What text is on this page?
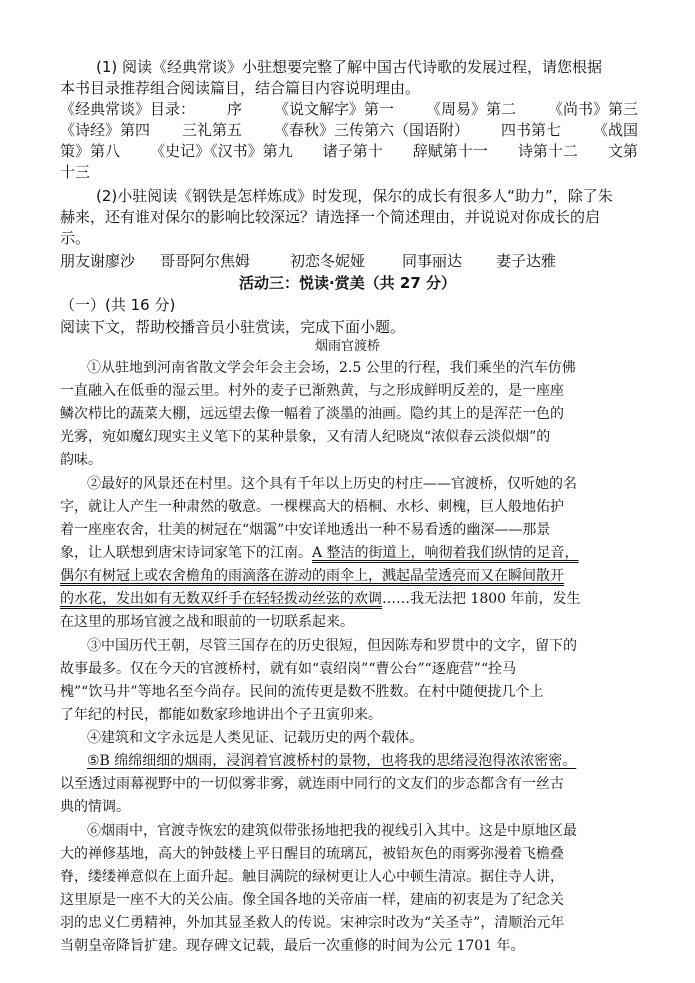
(1) 阅读《经典常谈》小驻想要完整了解中国古代诗歌的发展过程，请您根据
本书目录推荐组合阅读篇目，结合篇目内容说明理由。
《经典常谈》目录： 序 《说文解字》第一 《周易》第二 《尚书》第三
《诗经》第四 三礼第五 《春秋》三传第六（国语附） 四书第七 《战国
策》第八 《史记》《汉书》第九 诸子第十 辞赋第十一 诗第十二 文第
十三
(2)小驻阅读《钢铁是怎样炼成》时发现，保尔的成长有很多人“助力”，除了朱
赫来，还有谁对保尔的影响比较深远？请选择一个简述理由，并说说对你成长的启
示。
朋友谢廖沙 哥哥阿尔焦姆	初恋冬妮娅 同事丽达 妻子达雅
活动三：悦读·赏美（共 27 分）
（一）(共 16 分)
阅读下文，帮助校播音员小驻赏读，完成下面小题。
烟雨官渡桥
①从驻地到河南省散文学会年会主会场，2.5 公里的行程，我们乘坐的汽车仿佛
一直融入在低垂的湿云里。村外的麦子已渐熟黄，与之形成鲜明反差的，是一座座
鳞次栉比的蔬菜大棚，远远望去像一幅着了淡墨的油画。隐约其上的是浑茫一色的
光雾，宛如魔幻现实主义笔下的某种景象，又有清人纪晓岚“浓似春云淡似烟”的
韵味。
②最好的风景还在村里。这个具有千年以上历史的村庄——官渡桥，仅听她的名
字，就让人产生一种肃然的敬意。一棵棵高大的梧桐、水杉、刺槐，巨人般地佑护
着一座座农舍，壮美的树冠在“烟霭”中安详地透出一种不易看透的幽深——那景
象，让人联想到唐宋诗词家笔下的江南。A 整洁的街道上，响彻着我们纵情的足音，
偶尔有树冠上或农舍檐角的雨滴落在游动的雨伞上，溅起晶莹透亮而又在瞬间散开
的水花，发出如有无数双纤手在轻轻拨动丝弦的欢调……我无法把 1800 年前，发生
在这里的那场官渡之战和眼前的一切联系起来。
③中国历代王朝，尽管三国存在的历史很短，但因陈寿和罗贯中的文字，留下的
故事最多。仅在今天的官渡桥村，就有如“袁绍岗”“曹公台”“逐鹿营”“拴马
槐”“饮马井”等地名至今尚存。民间的流传更是数不胜数。在村中随便拢几个上
了年纪的村民，都能如数家珍地讲出个子丑寅卯来。
④建筑和文字永远是人类见证、记载历史的两个载体。
⑤B 绵绵细细的烟雨，浸润着官渡桥村的景物，也将我的思绪浸泡得浓浓密密。
以至透过雨幕视野中的一切似雾非雾，就连雨中同行的文友们的步态都含有一丝古
典的情调。
⑥烟雨中，官渡寺恢宏的建筑似带张扬地把我的视线引入其中。这是中原地区最
大的禅修基地，高大的钟鼓楼上平日醒目的琉璃瓦，被铅灰色的雨雾弥漫着飞檐叠
脊，缕缕禅意似在上面升起。触目满院的绿树更让人心中顿生清凉。据住寺人讲，
这里原是一座不大的关公庙。像全国各地的关帝庙一样，建庙的初衷是为了纪念关
羽的忠义仁勇精神，外加其显圣救人的传说。宋神宗时改为“关圣寺”，清顺治元年
当朝皇帝降旨扩建。现存碑文记载，最后一次重修的时间为公元 1701 年。
